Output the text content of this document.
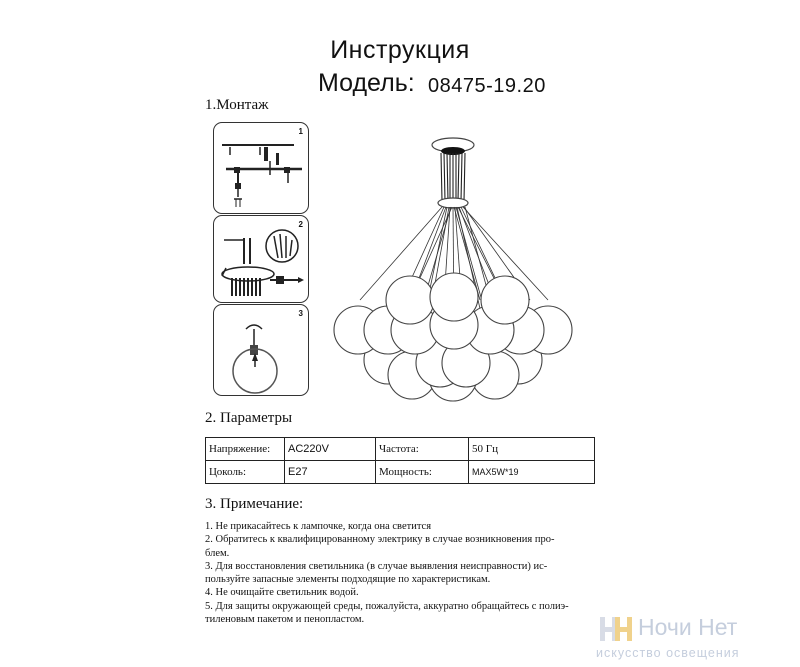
Инструкция
Модель: 08475-19.20
1.Монтаж
1
2
3
2. Параметры
Напряжение:	AC220V	Частота:	50 Гц
Цоколь:	E27	Мощность:	MAX5W*19
3. Примечание:
1. Не прикасайтесь к лампочке, когда она светится
2. Обратитесь к квалифицированному электрику в случае возникновения про-
блем.
3. Для восстановления светильника (в случае выявления неисправности) ис-
пользуйте запасные элементы подходящие по характеристикам.
4. Не очищайте светильник водой.
5. Для защиты окружающей среды, пожалуйста, аккуратно обращайтесь с полиэ-
тиленовым пакетом и пенопластом.	Ночи Нет
искусство освещения
